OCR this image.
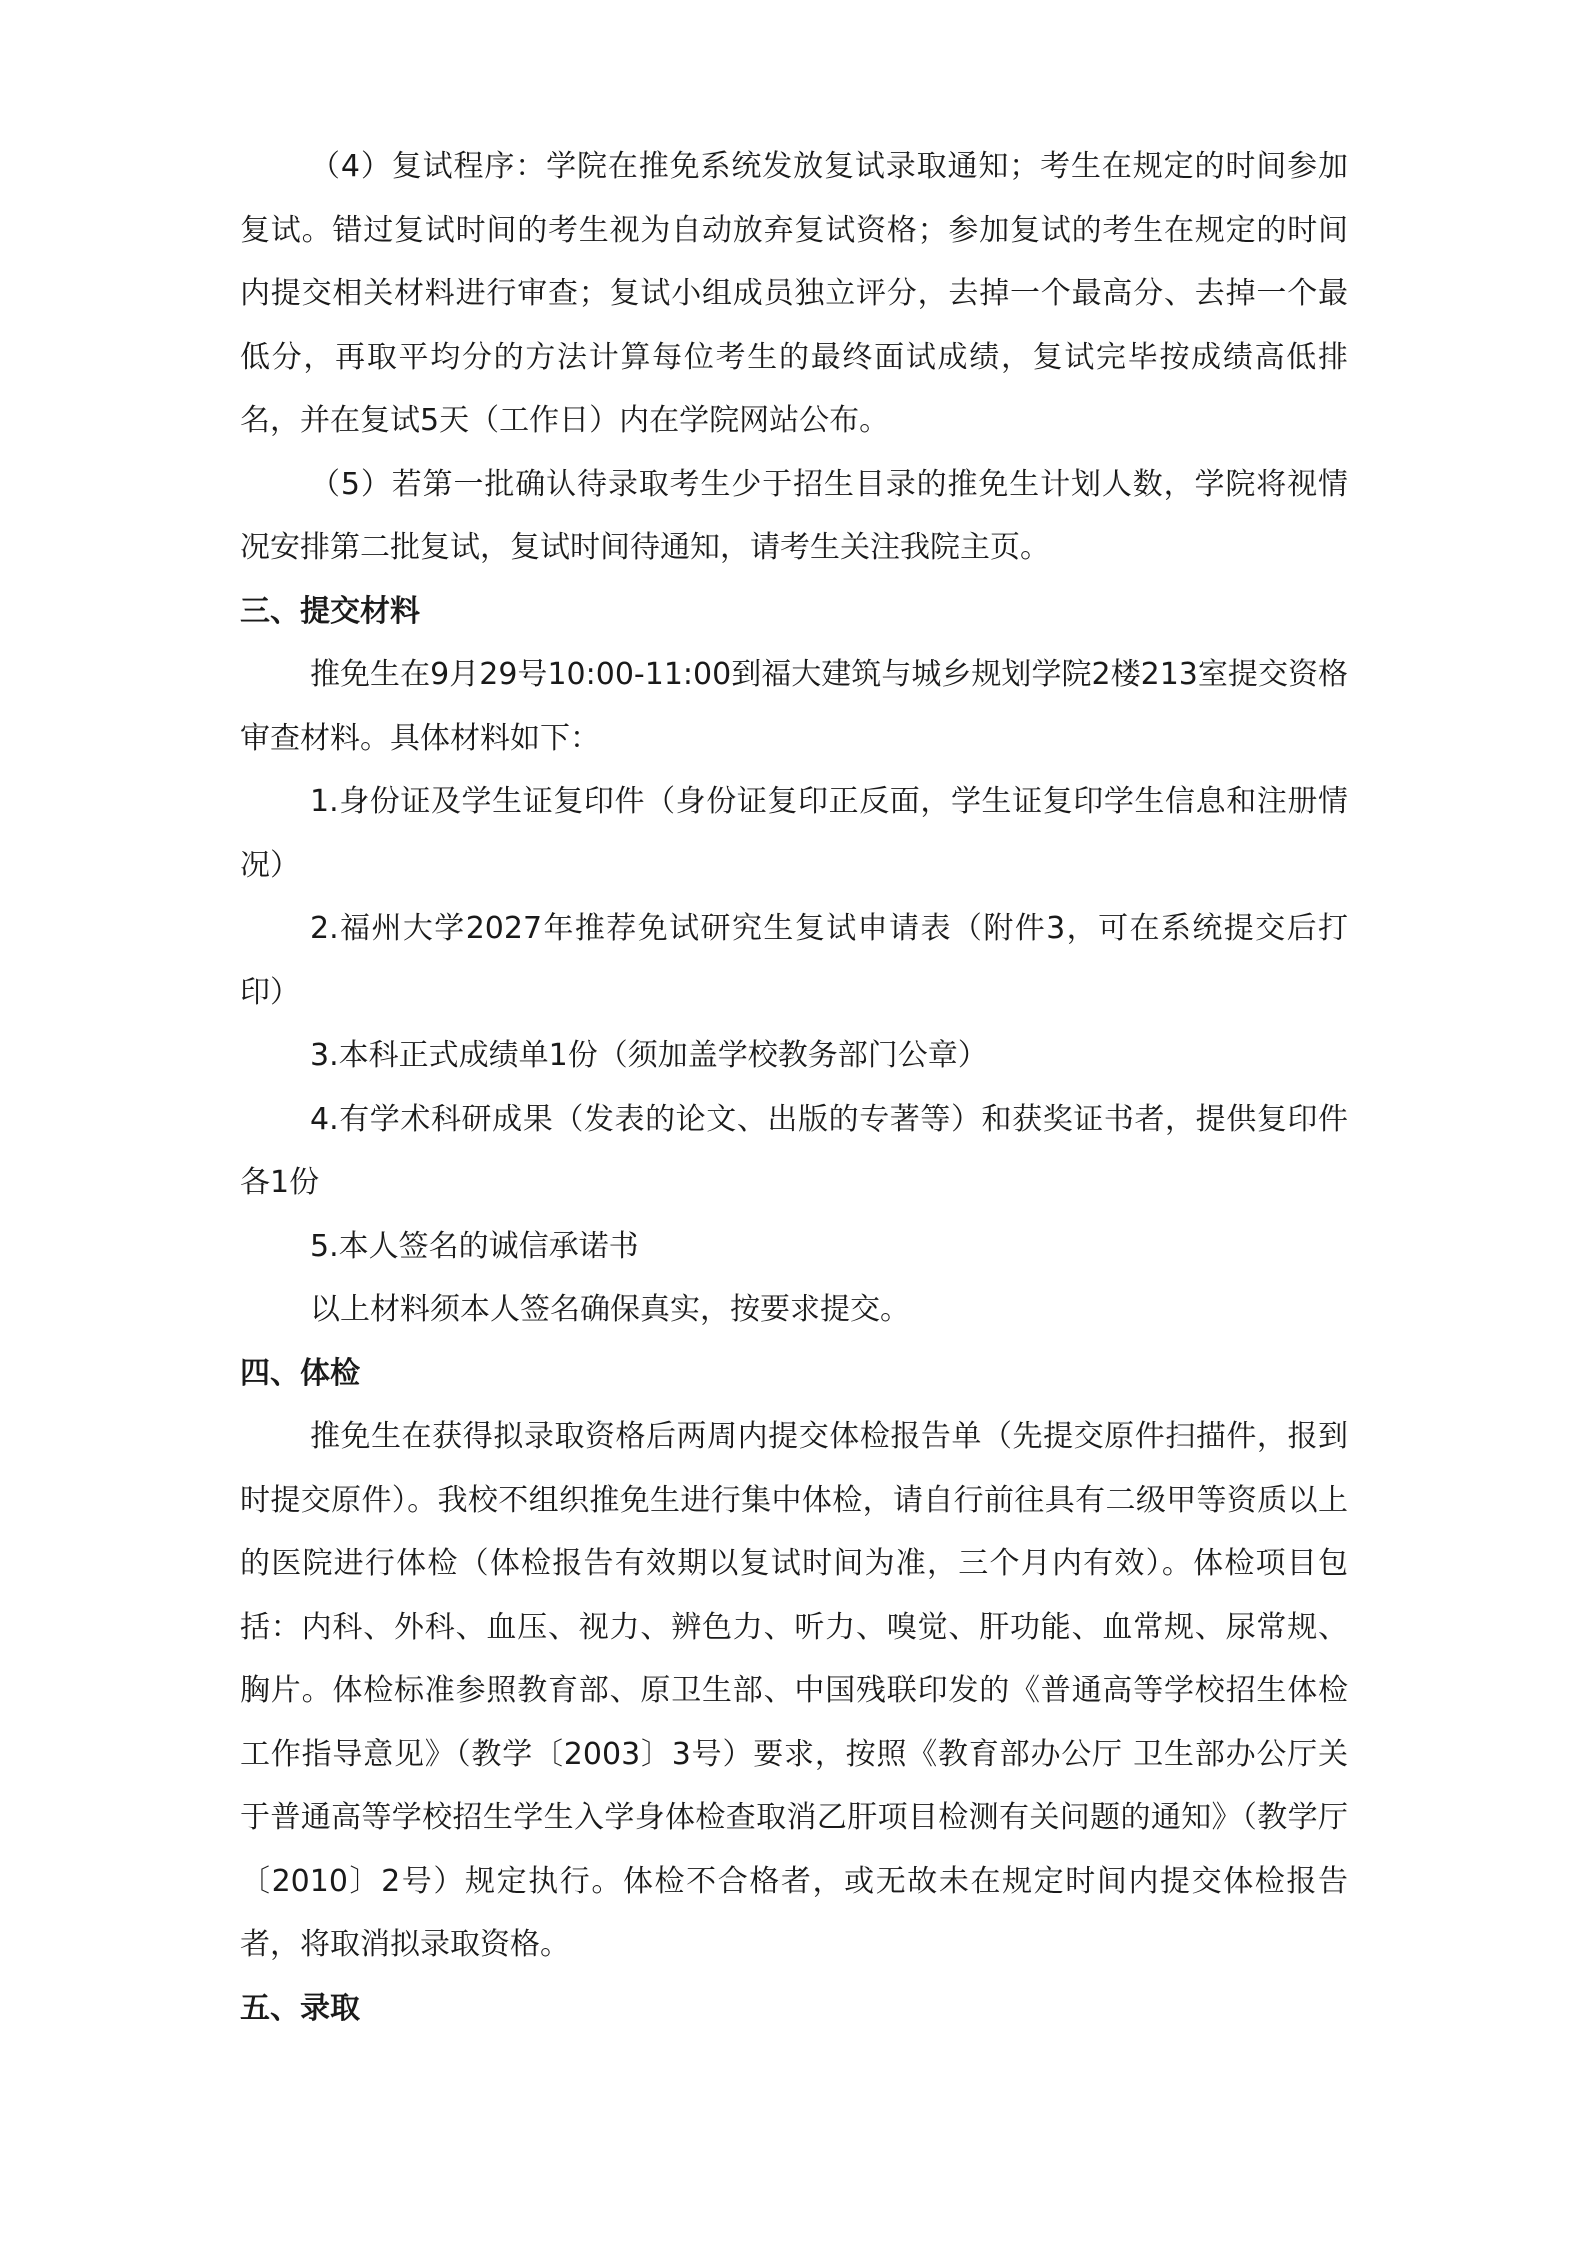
（4）复试程序：学院在推免系统发放复试录取通知；考生在规定的时间参加复试。错过复试时间的考生视为自动放弃复试资格；参加复试的考生在规定的时间内提交相关材料进行审查；复试小组成员独立评分，去掉一个最高分、去掉一个最低分，再取平均分的方法计算每位考生的最终面试成绩，复试完毕按成绩高低排名，并在复试5天（工作日）内在学院网站公布。

（5）若第一批确认待录取考生少于招生目录的推免生计划人数，学院将视情况安排第二批复试，复试时间待通知，请考生关注我院主页。

三、提交材料

推免生在9月29号10:00-11:00到福大建筑与城乡规划学院2楼213室提交资格审查材料。具体材料如下：

1.身份证及学生证复印件（身份证复印正反面，学生证复印学生信息和注册情况）

2.福州大学2027年推荐免试研究生复试申请表（附件3，可在系统提交后打印）

3.本科正式成绩单1份（须加盖学校教务部门公章）

4.有学术科研成果（发表的论文、出版的专著等）和获奖证书者，提供复印件各1份

5.本人签名的诚信承诺书

以上材料须本人签名确保真实，按要求提交。

四、体检

推免生在获得拟录取资格后两周内提交体检报告单（先提交原件扫描件，报到时提交原件）。我校不组织推免生进行集中体检，请自行前往具有二级甲等资质以上的医院进行体检（体检报告有效期以复试时间为准，三个月内有效）。体检项目包括：内科、外科、血压、视力、辨色力、听力、嗅觉、肝功能、血常规、尿常规、胸片。体检标准参照教育部、原卫生部、中国残联印发的《普通高等学校招生体检工作指导意见》（教学〔2003〕3号）要求，按照《教育部办公厅 卫生部办公厅关于普通高等学校招生学生入学身体检查取消乙肝项目检测有关问题的通知》（教学厅〔2010〕2号）规定执行。体检不合格者，或无故未在规定时间内提交体检报告者，将取消拟录取资格。

五、录取
